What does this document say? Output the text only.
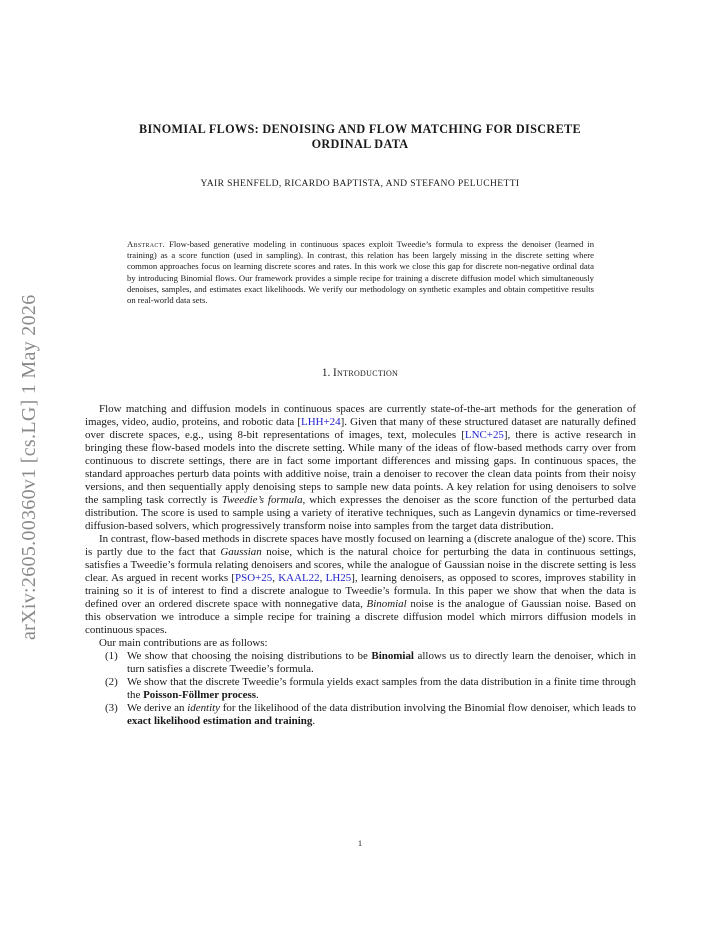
arXiv:2605.00360v1 [cs.LG] 1 May 2026
BINOMIAL FLOWS: DENOISING AND FLOW MATCHING FOR DISCRETE
ORDINAL DATA
YAIR SHENFELD, RICARDO BAPTISTA, AND STEFANO PELUCHETTI
Abstract. Flow-based generative modeling in continuous spaces exploit Tweedie’s formula to express the denoiser (learned in training) as a score function (used in sampling). In contrast, this relation has been largely missing in the discrete setting where common approaches focus on learning discrete scores and rates. In this work we close this gap for discrete non-negative ordinal data by introducing Binomial flows. Our framework provides a simple recipe for training a discrete diffusion model which simultaneously denoises, samples, and estimates exact likelihoods. We verify our methodology on synthetic examples and obtain competitive results on real-world data sets.
1. Introduction

Flow matching and diffusion models in continuous spaces are currently state-of-the-art methods for the generation of images, video, audio, proteins, and robotic data [LHH+24]. Given that many of these structured dataset are naturally defined over discrete spaces, e.g., using 8-bit representations of images, text, molecules [LNC+25], there is active research in bringing these flow-based models into the discrete setting. While many of the ideas of flow-based methods carry over from continuous to discrete settings, there are in fact some important differences and missing gaps. In continuous spaces, the standard approaches perturb data points with additive noise, train a denoiser to recover the clean data points from their noisy versions, and then sequentially apply denoising steps to sample new data points. A key relation for using denoisers to solve the sampling task correctly is Tweedie’s formula, which expresses the denoiser as the score function of the perturbed data distribution. The score is used to sample using a variety of iterative techniques, such as Langevin dynamics or time-reversed diffusion-based solvers, which progressively transform noise into samples from the target data distribution.

In contrast, flow-based methods in discrete spaces have mostly focused on learning a (discrete analogue of the) score. This is partly due to the fact that Gaussian noise, which is the natural choice for perturbing the data in continuous settings, satisfies a Tweedie’s formula relating denoisers and scores, while the analogue of Gaussian noise in the discrete setting is less clear. As argued in recent works [PSO+25, KAAL22, LH25], learning denoisers, as opposed to scores, improves stability in training so it is of interest to find a discrete analogue to Tweedie’s formula. In this paper we show that when the data is defined over an ordered discrete space with nonnegative data, Binomial noise is the analogue of Gaussian noise. Based on this observation we introduce a simple recipe for training a discrete diffusion model which mirrors diffusion models in continuous spaces.

Our main contributions are as follows:

(1) We show that choosing the noising distributions to be Binomial allows us to directly learn the denoiser, which in turn satisfies a discrete Tweedie’s formula.
(2) We show that the discrete Tweedie’s formula yields exact samples from the data distribution in a finite time through the Poisson-Föllmer process.
(3) We derive an identity for the likelihood of the data distribution involving the Binomial flow denoiser, which leads to exact likelihood estimation and training.
1
